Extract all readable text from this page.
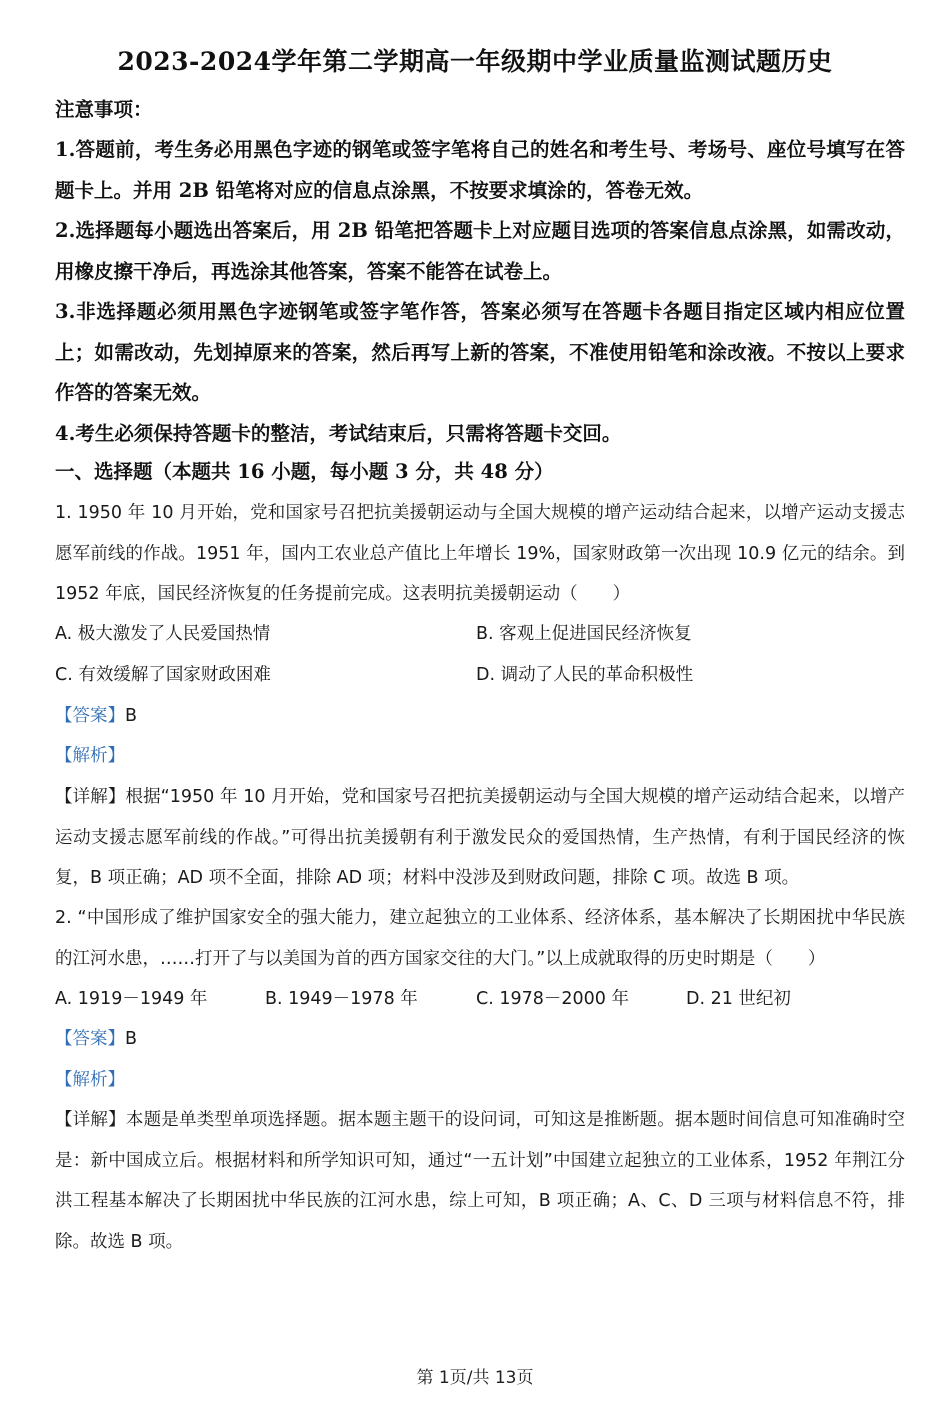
2023-2024学年第二学期高一年级期中学业质量监测试题历史
注意事项：

1.答题前，考生务必用黑色字迹的钢笔或签字笔将自己的姓名和考生号、考场号、座位号填写在答题卡上。并用 2B 铅笔将对应的信息点涂黑，不按要求填涂的，答卷无效。

2.选择题每小题选出答案后，用 2B 铅笔把答题卡上对应题目选项的答案信息点涂黑，如需改动，用橡皮擦干净后，再选涂其他答案，答案不能答在试卷上。

3.非选择题必须用黑色字迹钢笔或签字笔作答，答案必须写在答题卡各题目指定区域内相应位置上；如需改动，先划掉原来的答案，然后再写上新的答案，不准使用铅笔和涂改液。不按以上要求作答的答案无效。

4.考生必须保持答题卡的整洁，考试结束后，只需将答题卡交回。

一、选择题（本题共 16 小题，每小题 3 分，共 48 分）

1. 1950 年 10 月开始，党和国家号召把抗美援朝运动与全国大规模的增产运动结合起来，以增产运动支援志愿军前线的作战。1951 年，国内工农业总产值比上年增长 19%，国家财政第一次出现 10.9 亿元的结余。到 1952 年底，国民经济恢复的任务提前完成。这表明抗美援朝运动（　　）

A. 极大激发了人民爱国热情	B. 客观上促进国民经济恢复
C. 有效缓解了国家财政困难	D. 调动了人民的革命积极性
【答案】B
【解析】

【详解】根据“1950 年 10 月开始，党和国家号召把抗美援朝运动与全国大规模的增产运动结合起来，以增产运动支援志愿军前线的作战。”可得出抗美援朝有利于激发民众的爱国热情，生产热情，有利于国民经济的恢复，B 项正确；AD 项不全面，排除 AD 项；材料中没涉及到财政问题，排除 C 项。故选 B 项。

2. “中国形成了维护国家安全的强大能力，建立起独立的工业体系、经济体系，基本解决了长期困扰中华民族的江河水患，……打开了与以美国为首的西方国家交往的大门。”以上成就取得的历史时期是（　　）

A. 1919－1949 年	B. 1949－1978 年	C. 1978－2000 年	D. 21 世纪初
【答案】B
【解析】

【详解】本题是单类型单项选择题。据本题主题干的设问词，可知这是推断题。据本题时间信息可知准确时空是：新中国成立后。根据材料和所学知识可知，通过“一五计划”中国建立起独立的工业体系，1952 年荆江分洪工程基本解决了长期困扰中华民族的江河水患，综上可知，B 项正确；A、C、D 三项与材料信息不符，排除。故选 B 项。

第 1页/共 13页
